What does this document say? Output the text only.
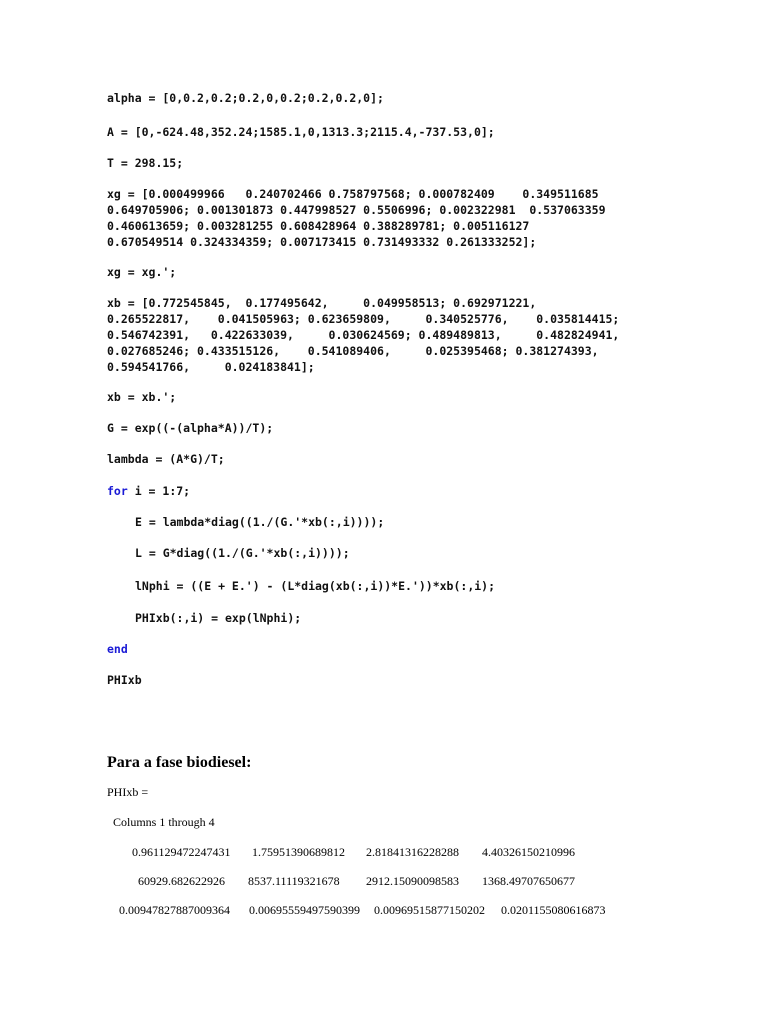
alpha = [0,0.2,0.2;0.2,0,0.2;0.2,0.2,0];
A = [0,-624.48,352.24;1585.1,0,1313.3;2115.4,-737.53,0];
T = 298.15;
xg = [0.000499966   0.240702466 0.758797568; 0.000782409    0.349511685
0.649705906; 0.001301873 0.447998527 0.5506996; 0.002322981  0.537063359
0.460613659; 0.003281255 0.608428964 0.388289781; 0.005116127
0.670549514 0.324334359; 0.007173415 0.731493332 0.261333252];
xg = xg.';
xb = [0.772545845,  0.177495642,     0.049958513; 0.692971221,
0.265522817,    0.041505963; 0.623659809,     0.340525776,    0.035814415;
0.546742391,   0.422633039,     0.030624569; 0.489489813,     0.482824941,
0.027685246; 0.433515126,    0.541089406,     0.025395468; 0.381274393,
0.594541766,     0.024183841];
xb = xb.';
G = exp((-(alpha*A))/T);
lambda = (A*G)/T;
for i = 1:7;
E = lambda*diag((1./(G.'*xb(:,i))));
L = G*diag((1./(G.'*xb(:,i))));
lNphi = ((E + E.') - (L*diag(xb(:,i))*E.'))*xb(:,i);
PHIxb(:,i) = exp(lNphi);
end
PHIxb
Para a fase biodiesel:
PHIxb =
Columns 1 through 4
0.961129472247431 1.75951390689812 2.81841316228288 4.40326150210996
60929.682622926 8537.11119321678 2912.15090098583 1368.49707650677
0.00947827887009364 0.00695559497590399 0.00969515877150202 0.0201155080616873
